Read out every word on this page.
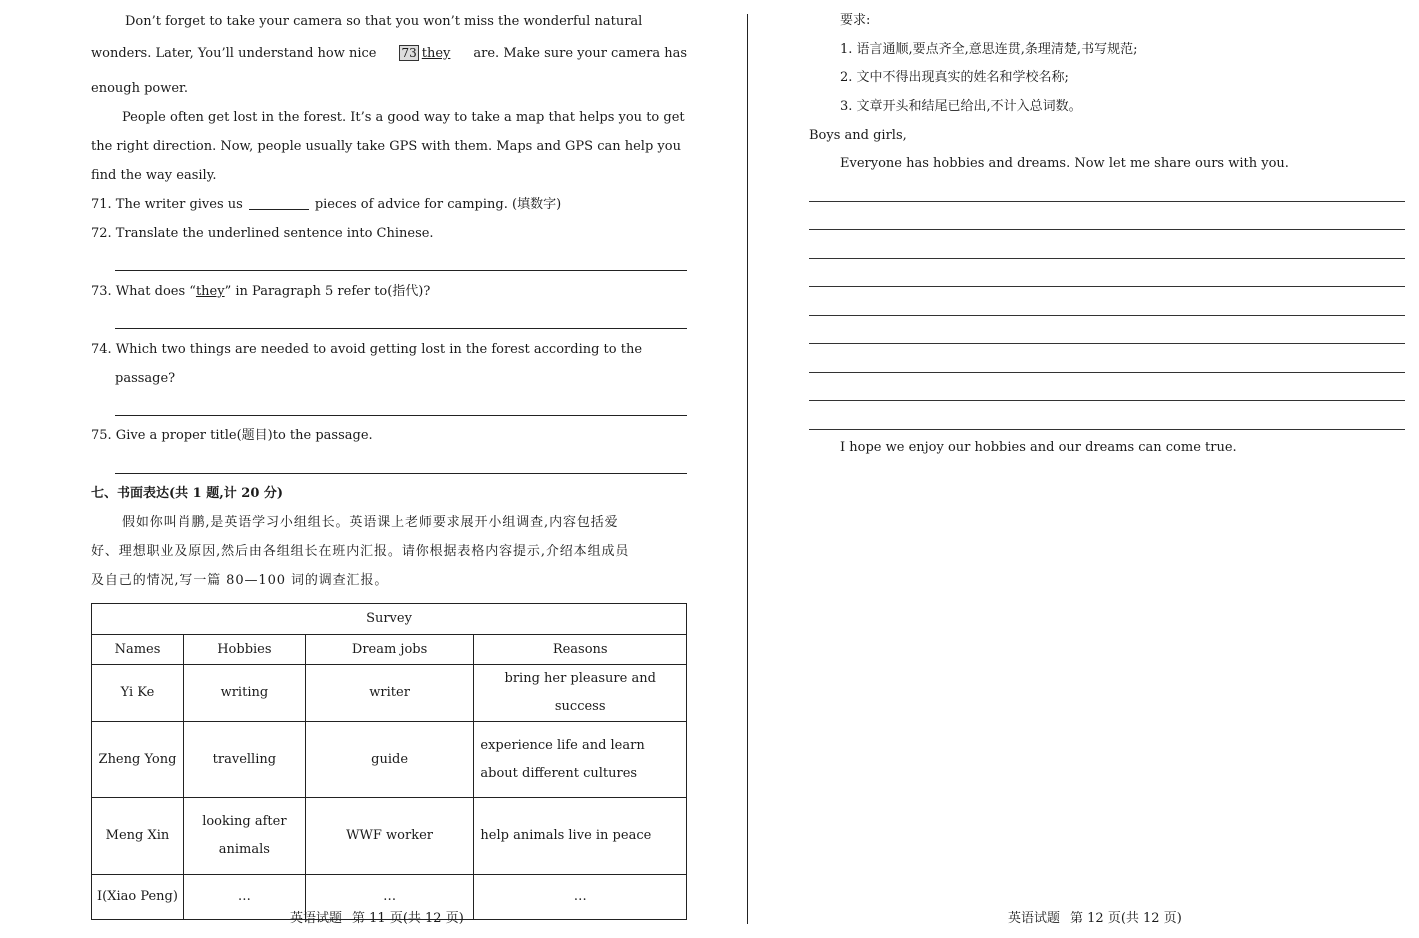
Don’t forget to take your camera so that you won’t miss the wonderful natural
wonders. Later, You’ll understand how nice 73 they are. Make sure your camera has
enough power.
People often get lost in the forest. It’s a good way to take a map that helps you to get
the right direction. Now, people usually take GPS with them. Maps and GPS can help you
find the way easily.
71. The writer gives us	pieces of advice for camping. (填数字)
72. Translate the underlined sentence into Chinese.
73. What does “they” in Paragraph 5 refer to(指代)?
74. Which two things are needed to avoid getting lost in the forest according to the
passage?
75. Give a proper title(题目)to the passage.
七、书面表达(共 1 题,计 20 分)
假如你叫肖鹏,是英语学习小组组长。英语课上老师要求展开小组调查,内容包括爱
好、理想职业及原因,然后由各组组长在班内汇报。请你根据表格内容提示,介绍本组成员
及自己的情况,写一篇 80—100 词的调查汇报。
Survey			
Names	Hobbies	Dream jobs	Reasons
Yi Ke	writing	writer	bring her pleasure and success
Zheng Yong	travelling	guide	experience life and learn about different cultures
Meng Xin	looking after animals	WWF worker	help animals live in peace
I(Xiao Peng)	…	…	…
英语试题 第 11 页(共 12 页)
要求:
1. 语言通顺,要点齐全,意思连贯,条理清楚,书写规范;
2. 文中不得出现真实的姓名和学校名称;
3. 文章开头和结尾已给出,不计入总词数。
Boys and girls,
Everyone has hobbies and dreams. Now let me share ours with you.
I hope we enjoy our hobbies and our dreams can come true.
英语试题 第 12 页(共 12 页)
